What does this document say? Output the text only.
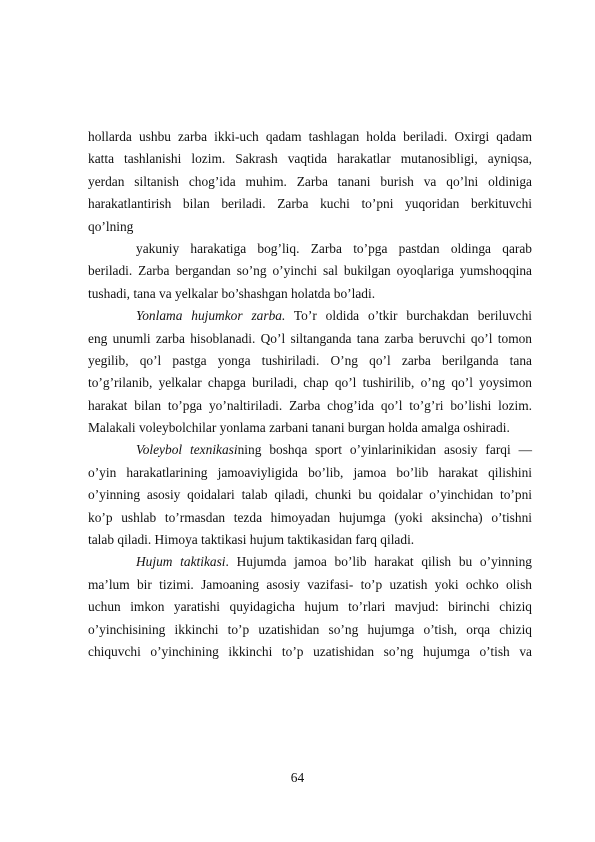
hollarda ushbu zarba ikki-uch qadam tashlagan holda beriladi. Oxirgi qadam
katta tashlanishi lozim. Sakrash vaqtida harakatlar mutanosibligi, ayniqsa,
yerdan siltanish chog’ida muhim. Zarba tanani burish va qo’lni oldiniga
harakatlantirish bilan beriladi. Zarba kuchi to’pni yuqoridan berkituvchi
qo’lning
yakuniy harakatiga bog’liq. Zarba to’pga pastdan oldinga qarab
beriladi. Zarba bergandan so’ng o’yinchi sal bukilgan oyoqlariga yumshoqqina
tushadi, tana va yelkalar bo’shashgan holatda bo’ladi.
Yonlama hujumkor zarba. To’r oldida o’tkir burchakdan beriluvchi
eng unumli zarba hisoblanadi. Qo’l siltanganda tana zarba beruvchi qo’l tomon
yegilib, qo’l pastga yonga tushiriladi. O’ng qo’l zarba berilganda tana
to’g’rilanib, yelkalar chapga buriladi, chap qo’l tushirilib, o’ng qo’l yoysimon
harakat bilan to’pga yo’naltiriladi. Zarba chog’ida qo’l to’g’ri bo’lishi lozim.
Malakali voleybolchilar yonlama zarbani tanani burgan holda amalga oshiradi.
Voleybol texnikasining boshqa sport o’yinlarinikidan asosiy farqi —
o’yin harakatlarining jamoaviyligida bo’lib, jamoa bo’lib harakat qilishini
o’yinning asosiy qoidalari talab qiladi, chunki bu qoidalar o’yinchidan to’pni
ko’p ushlab to’rmasdan tezda himoyadan hujumga (yoki aksincha) o’tishni
talab qiladi. Himoya taktikasi hujum taktikasidan farq qiladi.
Hujum taktikasi. Hujumda jamoa bo’lib harakat qilish bu o’yinning
ma’lum bir tizimi. Jamoaning asosiy vazifasi- to’p uzatish yoki ochko olish
uchun imkon yaratishi quyidagicha hujum to’rlari mavjud: birinchi chiziq
o’yinchisining ikkinchi to’p uzatishidan so’ng hujumga o’tish, orqa chiziq
chiquvchi o’yinchining ikkinchi to’p uzatishidan so’ng hujumga o’tish va
64
